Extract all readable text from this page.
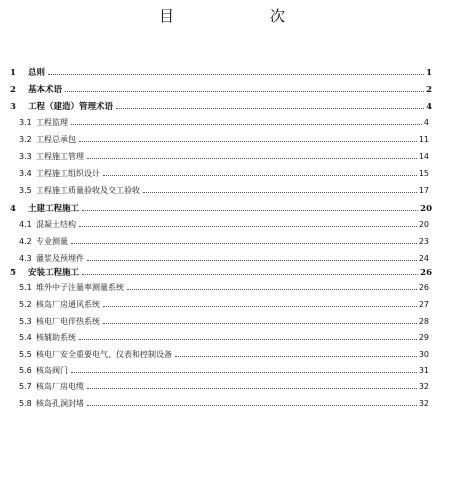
目　　次
1	总则	1
2	基本术语	2
3	工程（建造）管理术语	4
3.1 工程监理	4
3.2 工程总承包	11
3.3 工程施工管理	14
3.4 工程施工组织设计	15
3.5 工程施工质量验收及交工验收	17
4	土建工程施工	20
4.1 混凝土结构	20
4.2 专业测量	23
4.3 灌浆及预埋件	24
5	安装工程施工	26
5.1 堆外中子注量率测量系统	26
5.2 核岛厂房通风系统	27
5.3 核电厂电伴热系统	28
5.4 核辅助系统	29
5.5 核电厂安全重要电气、仪表和控制设备	30
5.6 核岛阀门	31
5.7 核岛厂房电缆	32
5.8 核岛孔洞封堵	32
